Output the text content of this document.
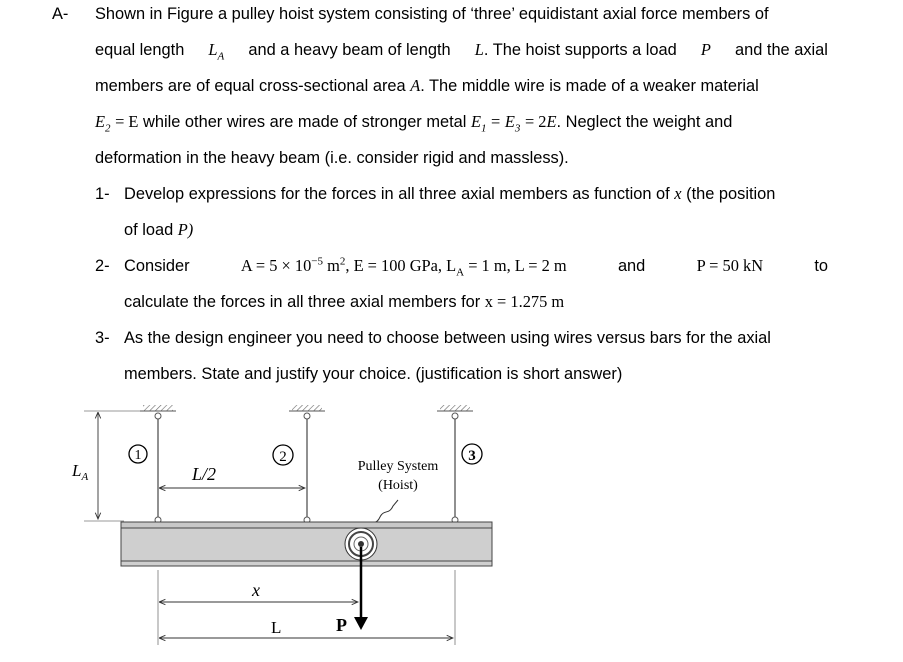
A- Shown in Figure a pulley hoist system consisting of ‘three’ equidistant axial force members of
equal length $L_A$ and a heavy beam of length L. The hoist supports a load P and the axial
members are of equal cross-sectional area A. The middle wire is made of a weaker material
$E_2 = E$ while other wires are made of stronger metal $E_1 = E_3 = 2E$. Neglect the weight and
deformation in the heavy beam (i.e. consider rigid and massless).
1- Develop expressions for the forces in all three axial members as function of x (the position
of load P)
2- Consider	$A = 5 \times 10^{-5}$ $m^2$, E = 100 GPa, $L_A = 1$ m, L = 2 m	and	P = 50 kN	to
calculate the forces in all three axial members for x = 1.275 m
3- As the design engineer you need to choose between using wires versus bars for the axial
members. State and justify your choice. (justification is short answer)
1	2	3
$L_A$	L/2	Pulley System
(Hoist)
P
x
L
